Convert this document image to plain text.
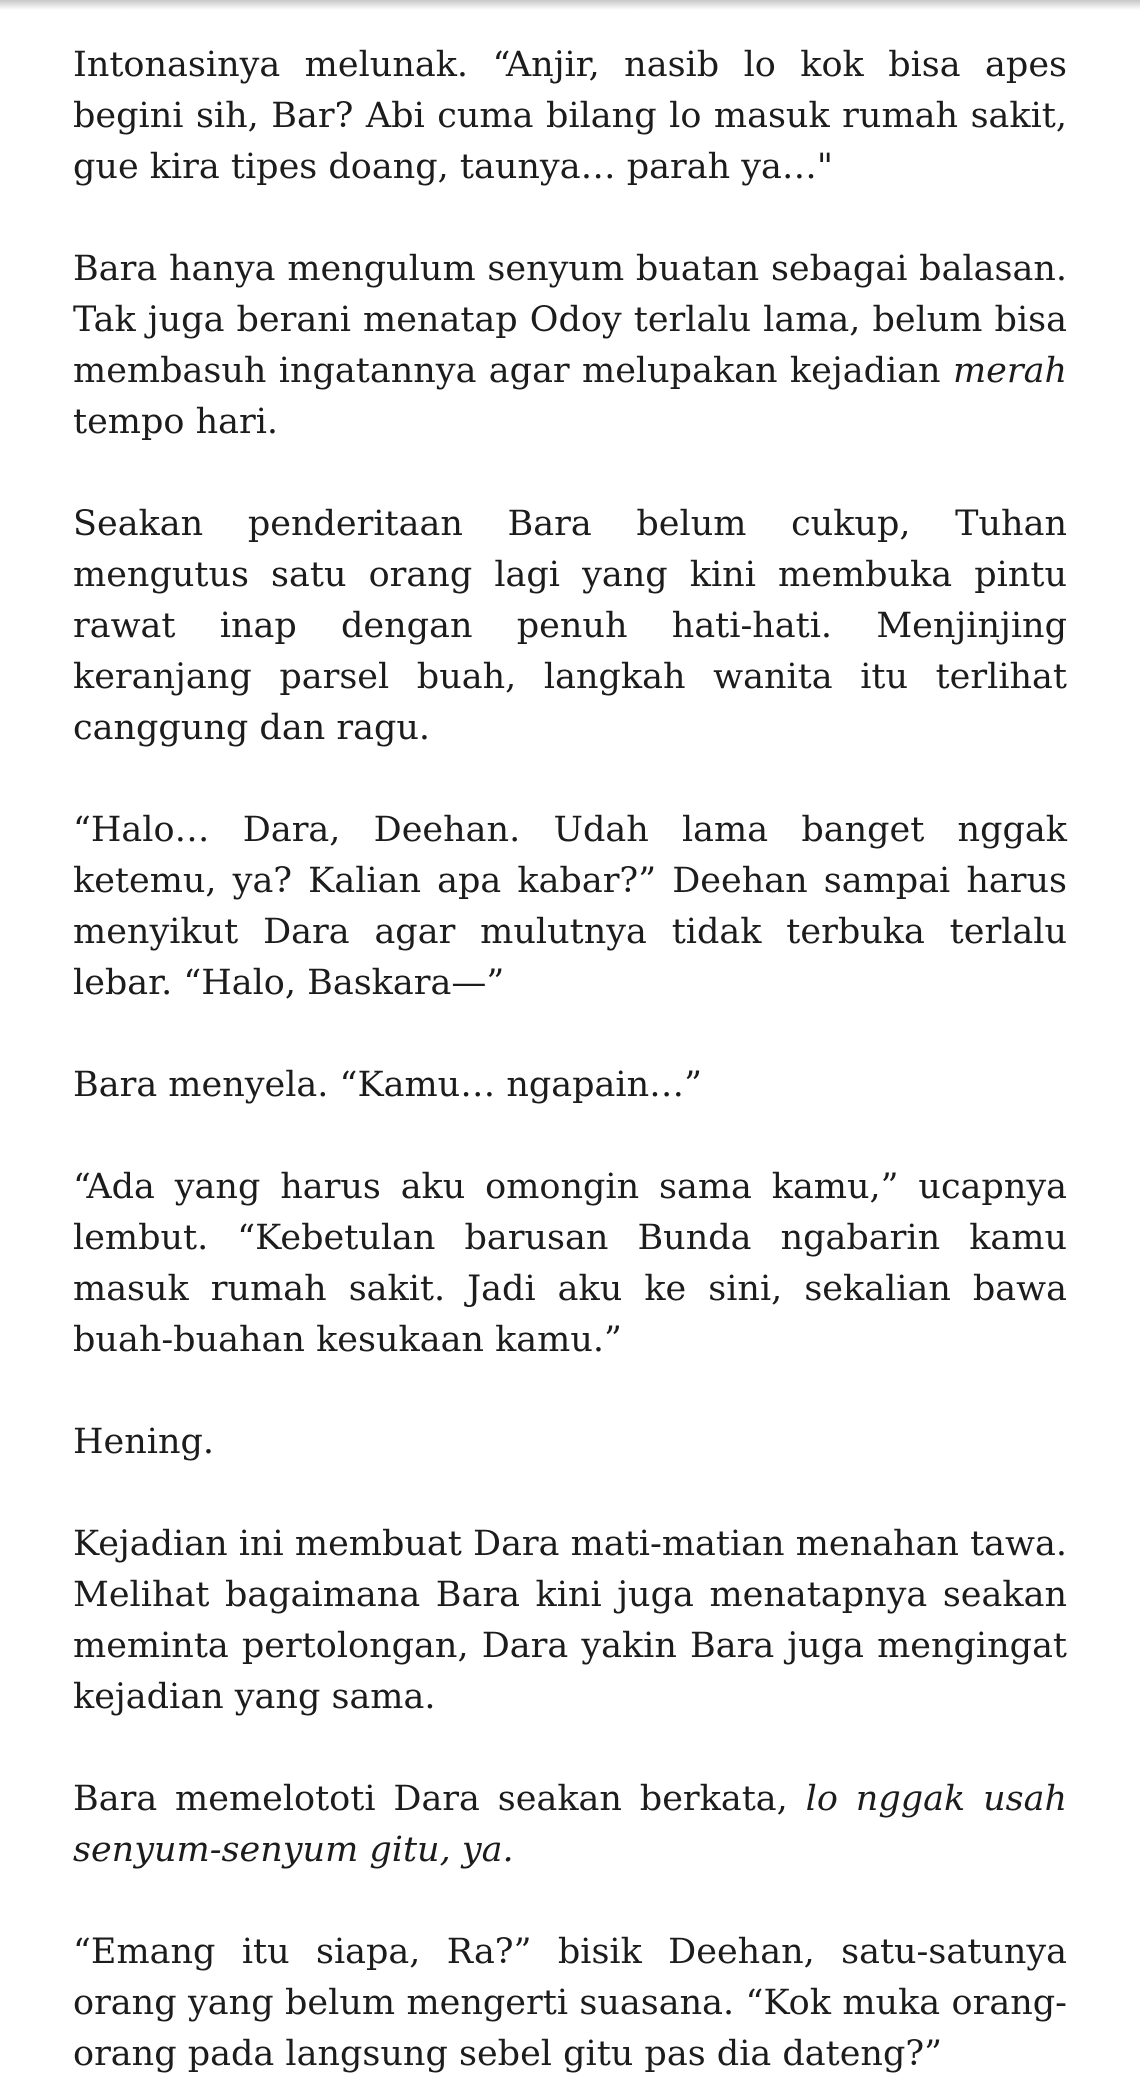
Intonasinya melunak. “Anjir, nasib lo kok bisa apes begini sih, Bar? Abi cuma bilang lo masuk rumah sakit, gue kira tipes doang, taunya… parah ya…"

Bara hanya mengulum senyum buatan sebagai balasan. Tak juga berani menatap Odoy terlalu lama, belum bisa membasuh ingatannya agar melupakan kejadian merah tempo hari.

Seakan penderitaan Bara belum cukup, Tuhan mengutus satu orang lagi yang kini membuka pintu rawat inap dengan penuh hati-hati. Menjinjing keranjang parsel buah, langkah wanita itu terlihat canggung dan ragu.

“Halo… Dara, Deehan. Udah lama banget nggak ketemu, ya? Kalian apa kabar?” Deehan sampai harus menyikut Dara agar mulutnya tidak terbuka terlalu lebar. “Halo, Baskara—”

Bara menyela. “Kamu… ngapain…”

“Ada yang harus aku omongin sama kamu,” ucapnya lembut. “Kebetulan barusan Bunda ngabarin kamu masuk rumah sakit. Jadi aku ke sini, sekalian bawa buah-buahan kesukaan kamu.”

Hening.

Kejadian ini membuat Dara mati-matian menahan tawa. Melihat bagaimana Bara kini juga menatapnya seakan meminta pertolongan, Dara yakin Bara juga mengingat kejadian yang sama.

Bara memelototi Dara seakan berkata, lo nggak usah senyum-senyum gitu, ya.

“Emang itu siapa, Ra?” bisik Deehan, satu-satunya orang yang belum mengerti suasana. “Kok muka orang-orang pada langsung sebel gitu pas dia dateng?”
